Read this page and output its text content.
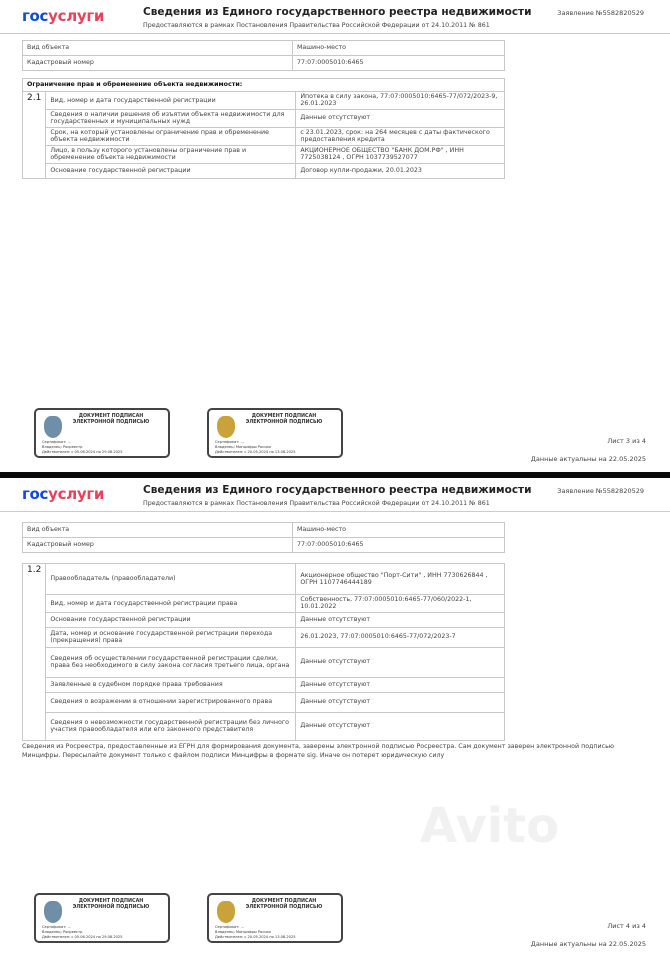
госуслуги	Сведения из Единого государственного реестра недвижимости
Предоставляются в рамках Постановления Правительства Российской Федерации от 24.10.2011 № 861
Заявление №5582820529
Вид объекта	Машино-место
Кадастровый номер	77:07:0005010:6465
Ограничение прав и обременение объекта недвижимости:		
2.1	Вид, номер и дата государственной регистрации	Ипотека в силу закона, 77:07:0005010:6465-77/072/2023-9, 26.01.2023
	Сведения о наличии решения об изъятии объекта недвижимости для государственных и муниципальных нужд	Данные отсутствуют
	Срок, на который установлены ограничение прав и обременение объекта недвижимости	с 23.01.2023, срок: на 264 месяцев с даты фактического предоставления кредита
	Лицо, в пользу которого установлены ограничение прав и обременение объекта недвижимости	АКЦИОНЕРНОЕ ОБЩЕСТВО "БАНК ДОМ.РФ" , ИНН 7725038124 , ОГРН 1037739527077
	Основание государственной регистрации	Договор купли-продажи, 20.01.2023
ДОКУМЕНТ ПОДПИСАН ЭЛЕКТРОННОЙ ПОДПИСЬЮ
Сертификат: ...
Владелец: Росреестр
Действителен: с 05.06.2024 по 29.08.2025
ДОКУМЕНТ ПОДПИСАН ЭЛЕКТРОННОЙ ПОДПИСЬЮ
Сертификат: ...
Владелец: Минцифры России
Действителен: с 20.05.2024 по 13.08.2025
Лист 3 из 4
Данные актуальны на 22.05.2025
госуслуги	Сведения из Единого государственного реестра недвижимости
Предоставляются в рамках Постановления Правительства Российской Федерации от 24.10.2011 № 861
Заявление №5582820529
Вид объекта	Машино-место
Кадастровый номер	77:07:0005010:6465
1.2	Правообладатель (правообладатели)	Акционерное общество "Порт-Сити" , ИНН 7730626844 , ОГРН 1107746444189
	Вид, номер и дата государственной регистрации права	Собственность, 77:07:0005010:6465-77/060/2022-1, 10.01.2022
	Основание государственной регистрации	Данные отсутствуют
	Дата, номер и основание государственной регистрации перехода (прекращения) права	26.01.2023, 77:07:0005010:6465-77/072/2023-7
	Сведения об осуществлении государственной регистрации сделки, права без необходимого в силу закона согласия третьего лица, органа	Данные отсутствуют
	Заявленные в судебном порядке права требования	Данные отсутствуют
	Сведения о возражении в отношении зарегистрированного права	Данные отсутствуют
	Сведения о невозможности государственной регистрации без личного участия правообладателя или его законного представителя	Данные отсутствуют
Сведения из Росреестра, предоставленные из ЕГРН для формирования документа, заверены электронной подписью Росреестра. Сам документ заверен электронной подписью Минцифры. Пересылайте документ только с файлом подписи Минцифры в формате sig. Иначе он потерeт юридическую силу
ДОКУМЕНТ ПОДПИСАН ЭЛЕКТРОННОЙ ПОДПИСЬЮ
Сертификат: ...
Владелец: Росреестр
Действителен: с 05.06.2024 по 29.08.2025
ДОКУМЕНТ ПОДПИСАН ЭЛЕКТРОННОЙ ПОДПИСЬЮ
Сертификат: ...
Владелец: Минцифры России
Действителен: с 20.05.2024 по 13.08.2025
Лист 4 из 4
Данные актуальны на 22.05.2025
Avito
